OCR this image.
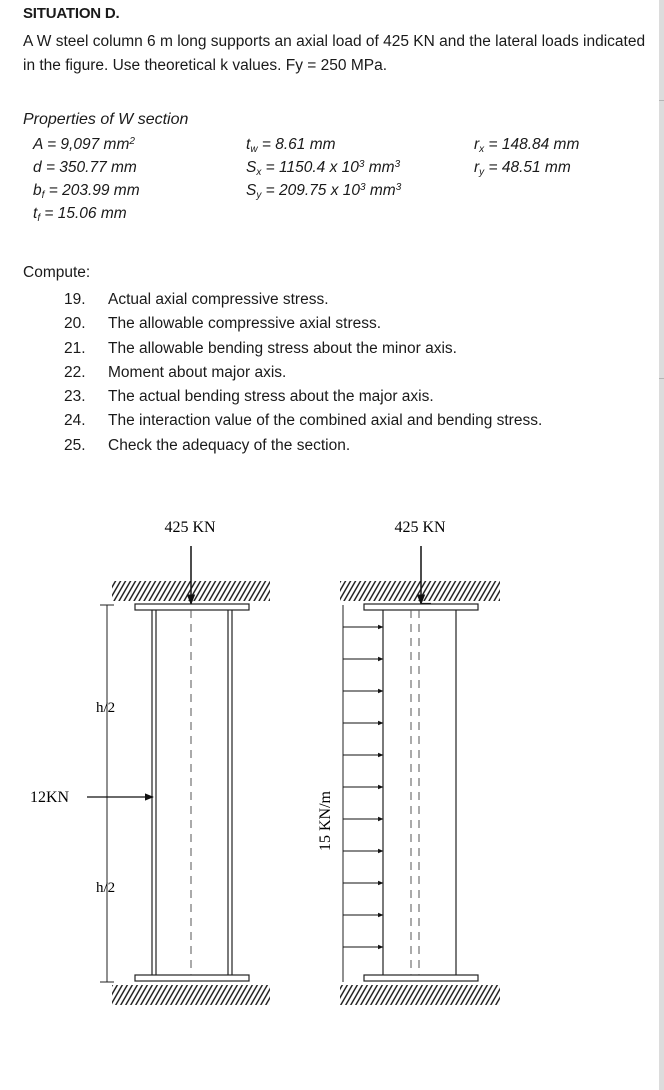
SITUATION D.
A W steel column 6 m long supports an axial load of 425 KN and the lateral loads indicated in the figure. Use theoretical k values. Fy = 250 MPa.
Properties of W section
A = 9,097 $mm^2$
d = 350.77 mm
$b_f = 203.99$ mm
$t_f = 15.06$ mm
$t_w = 8.61$ mm
$S_x = 1150.4$ x $10^3$ $mm^3$
$S_y = 209.75$ x $10^3$ $mm^3$
$r_x = 148.84$ mm
$r_y = 48.51$ mm
Compute:
19. Actual axial compressive stress.
20. The allowable compressive axial stress.
21. The allowable bending stress about the minor axis.
22. Moment about major axis.
23. The actual bending stress about the major axis.
24. The interaction value of the combined axial and bending stress.
25. Check the adequacy of the section.
425 KN
h/2
h/2
12KN
425 KN
15 KN/m
